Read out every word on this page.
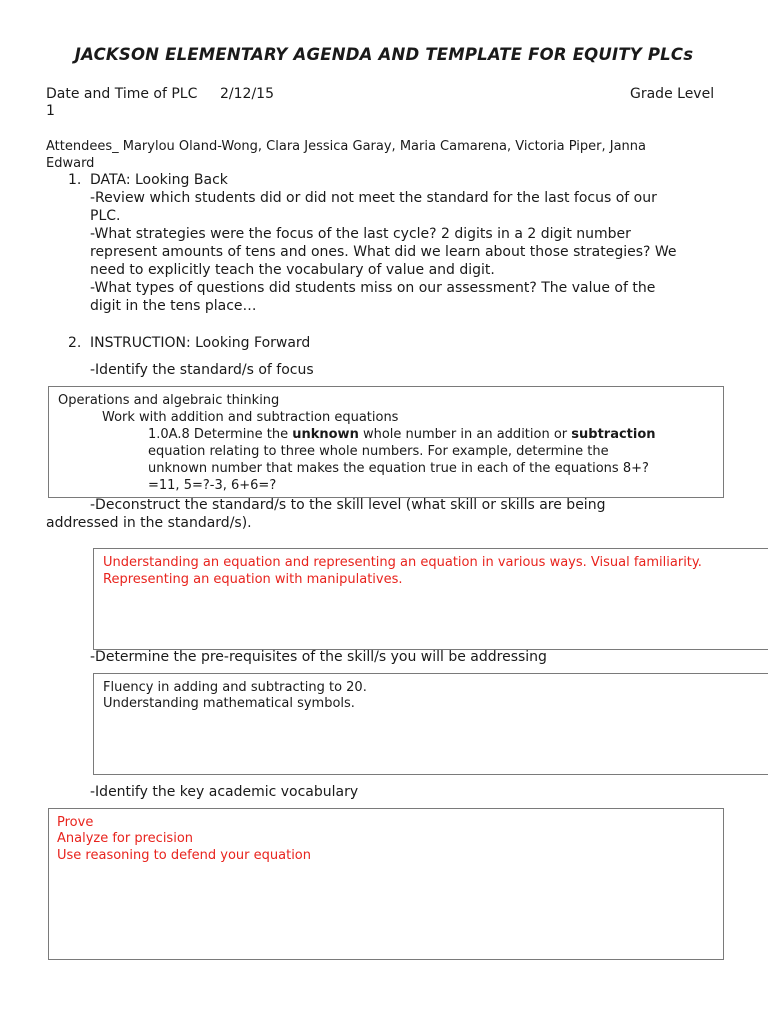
JACKSON ELEMENTARY AGENDA AND TEMPLATE FOR EQUITY PLCs
Date and Time of PLC 2/12/15	Grade Level
1
Attendees_ Marylou Oland-Wong, Clara Jessica Garay, Maria Camarena, Victoria Piper, Janna
Edward
1. DATA: Looking Back
-Review which students did or did not meet the standard for the last focus of our
PLC.
-What strategies were the focus of the last cycle? 2 digits in a 2 digit number
represent amounts of tens and ones. What did we learn about those strategies? We
need to explicitly teach the vocabulary of value and digit.
-What types of questions did students miss on our assessment? The value of the
digit in the tens place…
2. INSTRUCTION: Looking Forward
-Identify the standard/s of focus
Operations and algebraic thinking
Work with addition and subtraction equations
1.0A.8 Determine the unknown whole number in an addition or subtraction
equation relating to three whole numbers. For example, determine the
unknown number that makes the equation true in each of the equations 8+?
=11, 5=?-3, 6+6=?
-Deconstruct the standard/s to the skill level (what skill or skills are being
addressed in the standard/s).
Understanding an equation and representing an equation in various ways. Visual familiarity.
Representing an equation with manipulatives.
-Determine the pre-requisites of the skill/s you will be addressing
Fluency in adding and subtracting to 20.
Understanding mathematical symbols.
-Identify the key academic vocabulary
Prove
Analyze for precision
Use reasoning to defend your equation
